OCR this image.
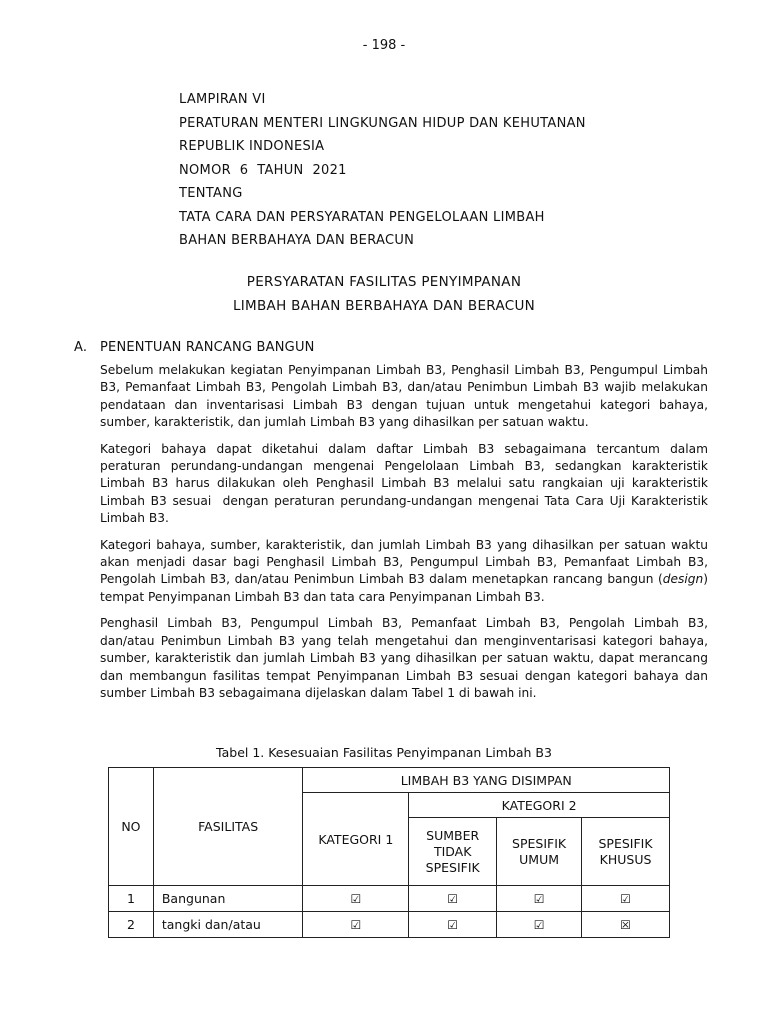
- 198 -
LAMPIRAN VI
PERATURAN MENTERI LINGKUNGAN HIDUP DAN KEHUTANAN
REPUBLIK INDONESIA
NOMOR  6  TAHUN  2021
TENTANG
TATA CARA DAN PERSYARATAN PENGELOLAAN LIMBAH
BAHAN BERBAHAYA DAN BERACUN
PERSYARATAN FASILITAS PENYIMPANAN
LIMBAH BAHAN BERBAHAYA DAN BERACUN
A. PENENTUAN RANCANG BANGUN

Sebelum melakukan kegiatan Penyimpanan Limbah B3, Penghasil Limbah B3, Pengumpul Limbah B3, Pemanfaat Limbah B3, Pengolah Limbah B3, dan/atau Penimbun Limbah B3 wajib melakukan pendataan dan inventarisasi Limbah B3 dengan tujuan untuk mengetahui kategori bahaya, sumber, karakteristik, dan jumlah Limbah B3 yang dihasilkan per satuan waktu.

Kategori bahaya dapat diketahui dalam daftar Limbah B3 sebagaimana tercantum dalam peraturan perundang-undangan mengenai Pengelolaan Limbah B3, sedangkan karakteristik Limbah B3 harus dilakukan oleh Penghasil Limbah B3 melalui satu rangkaian uji karakteristik Limbah B3 sesuai  dengan peraturan perundang-undangan mengenai Tata Cara Uji Karakteristik Limbah B3.

Kategori bahaya, sumber, karakteristik, dan jumlah Limbah B3 yang dihasilkan per satuan waktu akan menjadi dasar bagi Penghasil Limbah B3, Pengumpul Limbah B3, Pemanfaat Limbah B3, Pengolah Limbah B3, dan/atau Penimbun Limbah B3 dalam menetapkan rancang bangun (design) tempat Penyimpanan Limbah B3 dan tata cara Penyimpanan Limbah B3.

Penghasil Limbah B3, Pengumpul Limbah B3, Pemanfaat Limbah B3, Pengolah Limbah B3, dan/atau Penimbun Limbah B3 yang telah mengetahui dan menginventarisasi kategori bahaya, sumber, karakteristik dan jumlah Limbah B3 yang dihasilkan per satuan waktu, dapat merancang dan membangun fasilitas tempat Penyimpanan Limbah B3 sesuai dengan kategori bahaya dan sumber Limbah B3 sebagaimana dijelaskan dalam Tabel 1 di bawah ini.

Tabel 1. Kesesuaian Fasilitas Penyimpanan Limbah B3
NO	FASILITAS	LIMBAH B3 YANG DISIMPAN			
		KATEGORI 1	KATEGORI 2		
			SUMBER TIDAK SPESIFIK	SPESIFIK UMUM	SPESIFIK KHUSUS
1	Bangunan	☑	☑	☑	☑
2	tangki dan/atau	☑	☑	☑	☒
